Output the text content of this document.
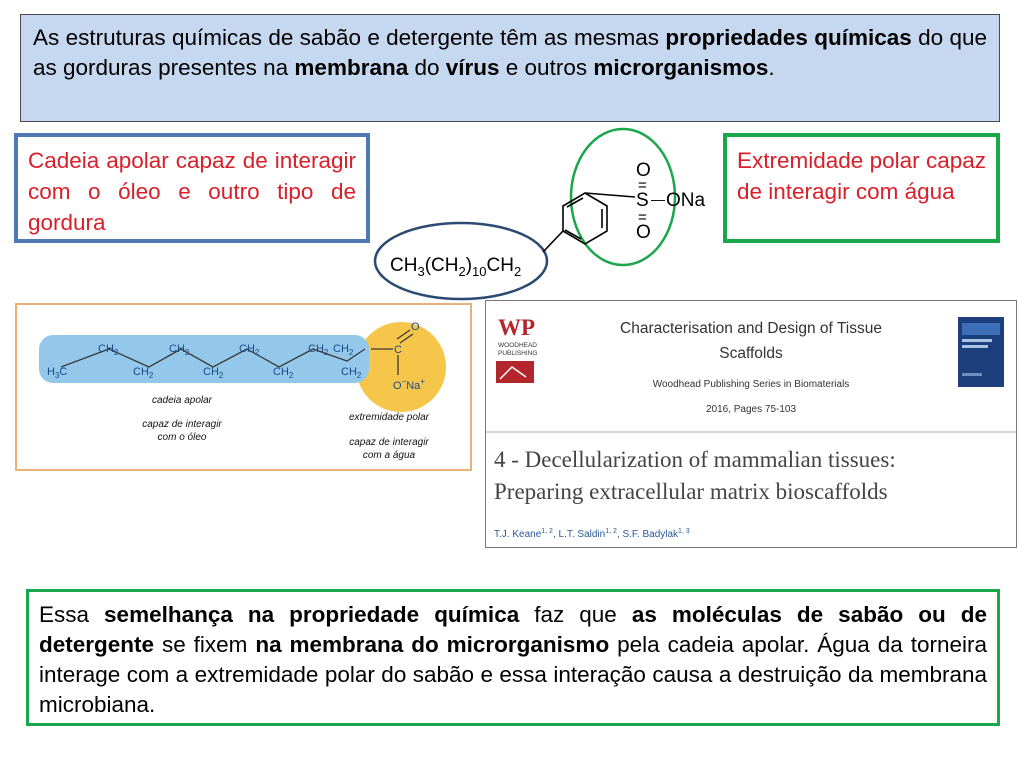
As estruturas químicas de sabão e detergente têm as mesmas propriedades químicas do que as gorduras presentes na membrana do vírus e outros microrganismos.
Cadeia apolar capaz de interagir com o óleo e outro tipo de gordura
Extremidade polar capaz de interagir com água
O
=
S — ONa
=
O
$CH_3(CH_2)_{10}CH_2$
$H_3C$
$CH_2$
$CH_2$
$CH_2$
$CH_2$
$CH_2$
$CH_2$
$CH_2$
$CH_2$
$CH_2$	C
O
O−Na+
cadeia apolar
capaz de interagir
com o óleo
extremidade polar
capaz de interagir
com a água
WP
WOODHEAD
PUBLISHING
Characterisation and Design of Tissue
Scaffolds
Woodhead Publishing Series in Biomaterials
2016, Pages 75-103
4 - Decellularization of mammalian tissues:
Preparing extracellular matrix bioscaffolds
T.J. Keane$^{1, 2}$, L.T. Saldin$^{1, 2}$, S.F. Badylak$^{1, 3}$
Essa semelhança na propriedade química faz que as moléculas de sabão ou de detergente se fixem na membrana do microrganismo pela cadeia apolar. Água da torneira interage com a extremidade polar do sabão e essa interação causa a destruição da membrana microbiana.
